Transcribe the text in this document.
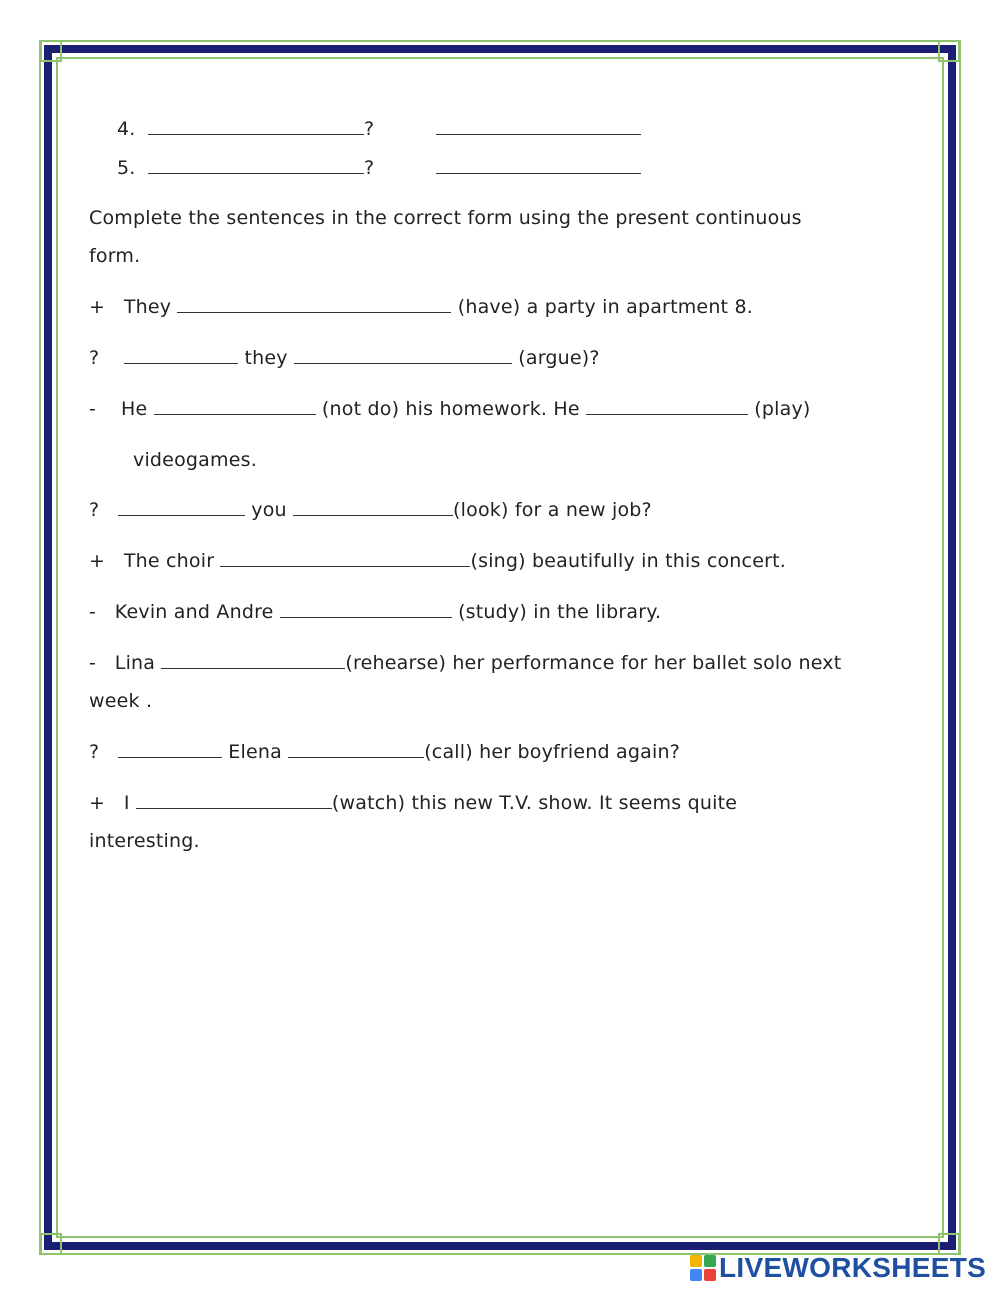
4.	?
5.	?
Complete the sentences in the correct form using the present continuous
form.
+ They	(have) a party in apartment 8.
?	they	(argue)?
- He	(not do) his homework. He	(play)
videogames.
?	you	(look) for a new job?
+ The choir	(sing) beautifully in this concert.
- Kevin and Andre	(study) in the library.
- Lina	(rehearse) her performance for her ballet solo next
week .
?	Elena	(call) her boyfriend again?
+ I	(watch) this new T.V. show. It seems quite
interesting.
LIVEWORKSHEETS
